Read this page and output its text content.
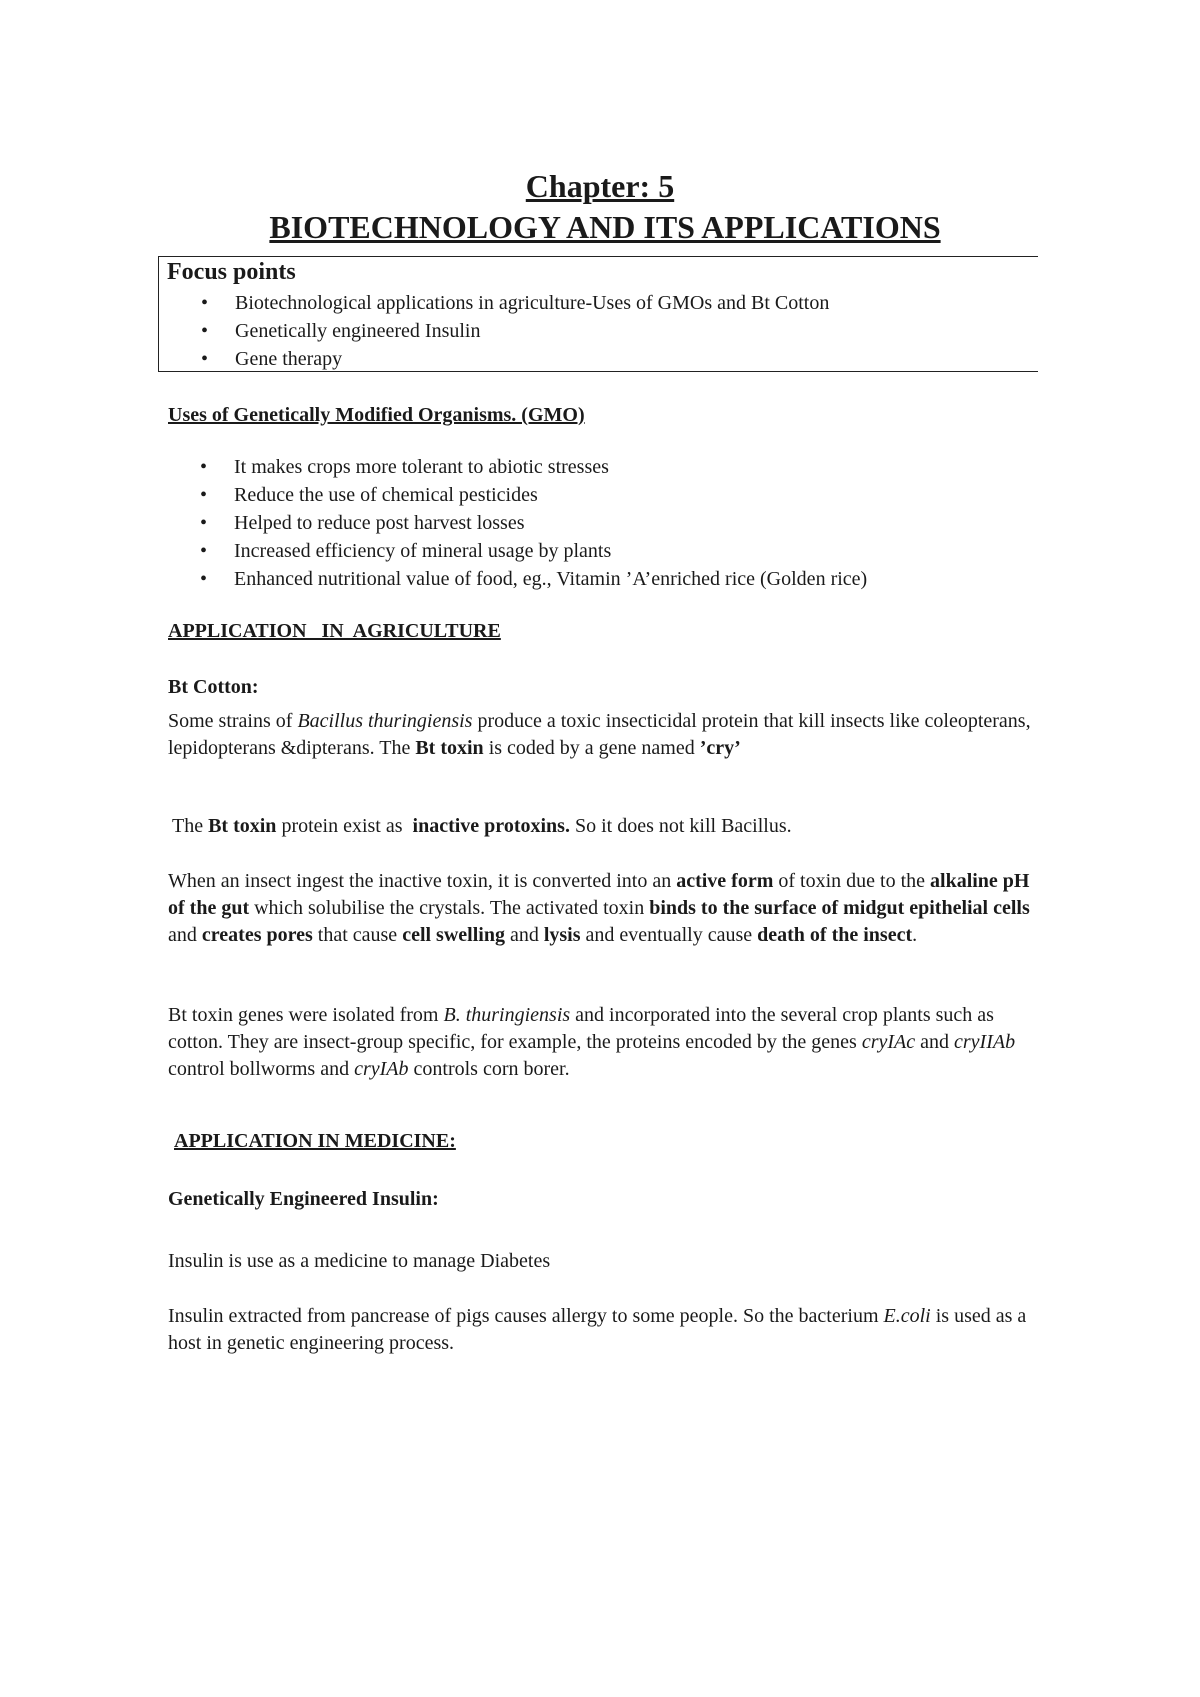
Chapter: 5
BIOTECHNOLOGY AND ITS APPLICATIONS
Focus points
• Biotechnological applications in agriculture-Uses of GMOs and Bt Cotton
• Genetically engineered Insulin
• Gene therapy
Uses of Genetically Modified Organisms. (GMO)
• It makes crops more tolerant to abiotic stresses
• Reduce the use of chemical pesticides
• Helped to reduce post harvest losses
• Increased efficiency of mineral usage by plants
• Enhanced nutritional value of food, eg., Vitamin ’A’enriched rice (Golden rice)
APPLICATION   IN  AGRICULTURE
Bt Cotton:

Some strains of Bacillus thuringiensis produce a toxic insecticidal protein that kill insects like coleopterans, lepidopterans &dipterans. The Bt toxin is coded by a gene named ’cry’

The Bt toxin protein exist as  inactive protoxins. So it does not kill Bacillus.

When an insect ingest the inactive toxin, it is converted into an active form of toxin due to the alkaline pH of the gut which solubilise the crystals. The activated toxin binds to the surface of midgut epithelial cells and creates pores that cause cell swelling and lysis and eventually cause death of the insect.

Bt toxin genes were isolated from B. thuringiensis and incorporated into the several crop plants such as cotton. They are insect-group specific, for example, the proteins encoded by the genes cryIAc and cryIIAb control bollworms and cryIAb controls corn borer.

APPLICATION IN MEDICINE:
Genetically Engineered Insulin:

Insulin is use as a medicine to manage Diabetes

Insulin extracted from pancrease of pigs causes allergy to some people. So the bacterium E.coli is used as a host in genetic engineering process.
